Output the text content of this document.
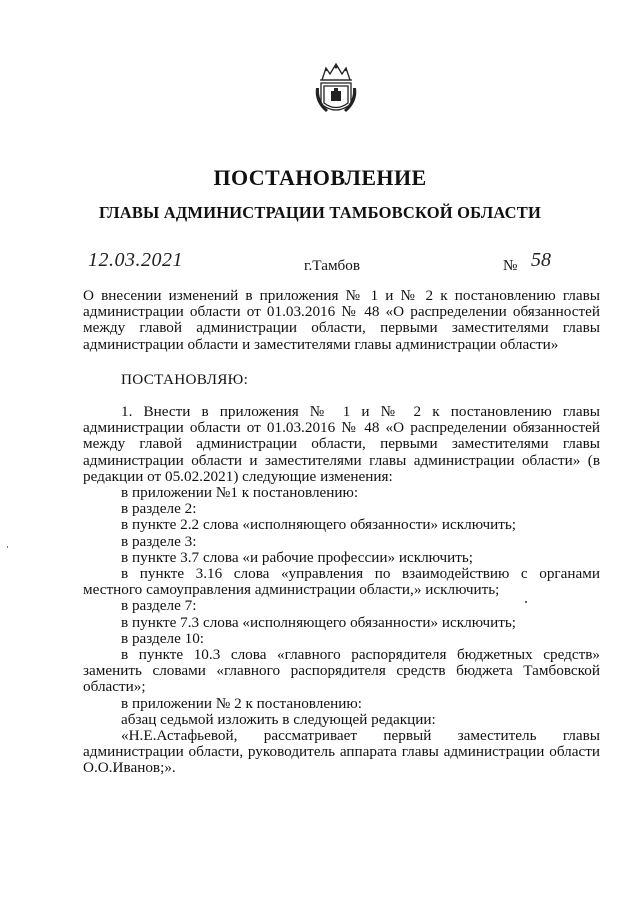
ПОСТАНОВЛЕНИЕ
ГЛАВЫ АДМИНИСТРАЦИИ ТАМБОВСКОЙ ОБЛАСТИ
12.03.2021	г.Тамбов	№ 58
О внесении изменений в приложения № 1 и № 2 к постановлению главы администрации области от 01.03.2016 № 48 «О распределении обязанностей между главой администрации области, первыми заместителями главы администрации области и заместителями главы администрации области»
ПОСТАНОВЛЯЮ:

1. Внести в приложения № 1 и № 2 к постановлению главы администрации области от 01.03.2016 № 48 «О распределении обязанностей между главой администрации области, первыми заместителями главы администрации области и заместителями главы администрации области» (в редакции от 05.02.2021) следующие изменения:

в приложении №1 к постановлению:

в разделе 2:

в пункте 2.2 слова «исполняющего обязанности» исключить;

в разделе 3:

в пункте 3.7 слова «и рабочие профессии» исключить;

в пункте 3.16 слова «управления по взаимодействию с органами местного самоуправления администрации области,» исключить;

в разделе 7:

в пункте 7.3 слова «исполняющего обязанности» исключить;

в разделе 10:

в пункте 10.3 слова «главного распорядителя бюджетных средств» заменить словами «главного распорядителя средств бюджета Тамбовской области»;

в приложении № 2 к постановлению:

абзац седьмой изложить в следующей редакции:

«Н.Е.Астафьевой, рассматривает первый заместитель главы администрации области, руководитель аппарата главы администрации области О.О.Иванов;».
